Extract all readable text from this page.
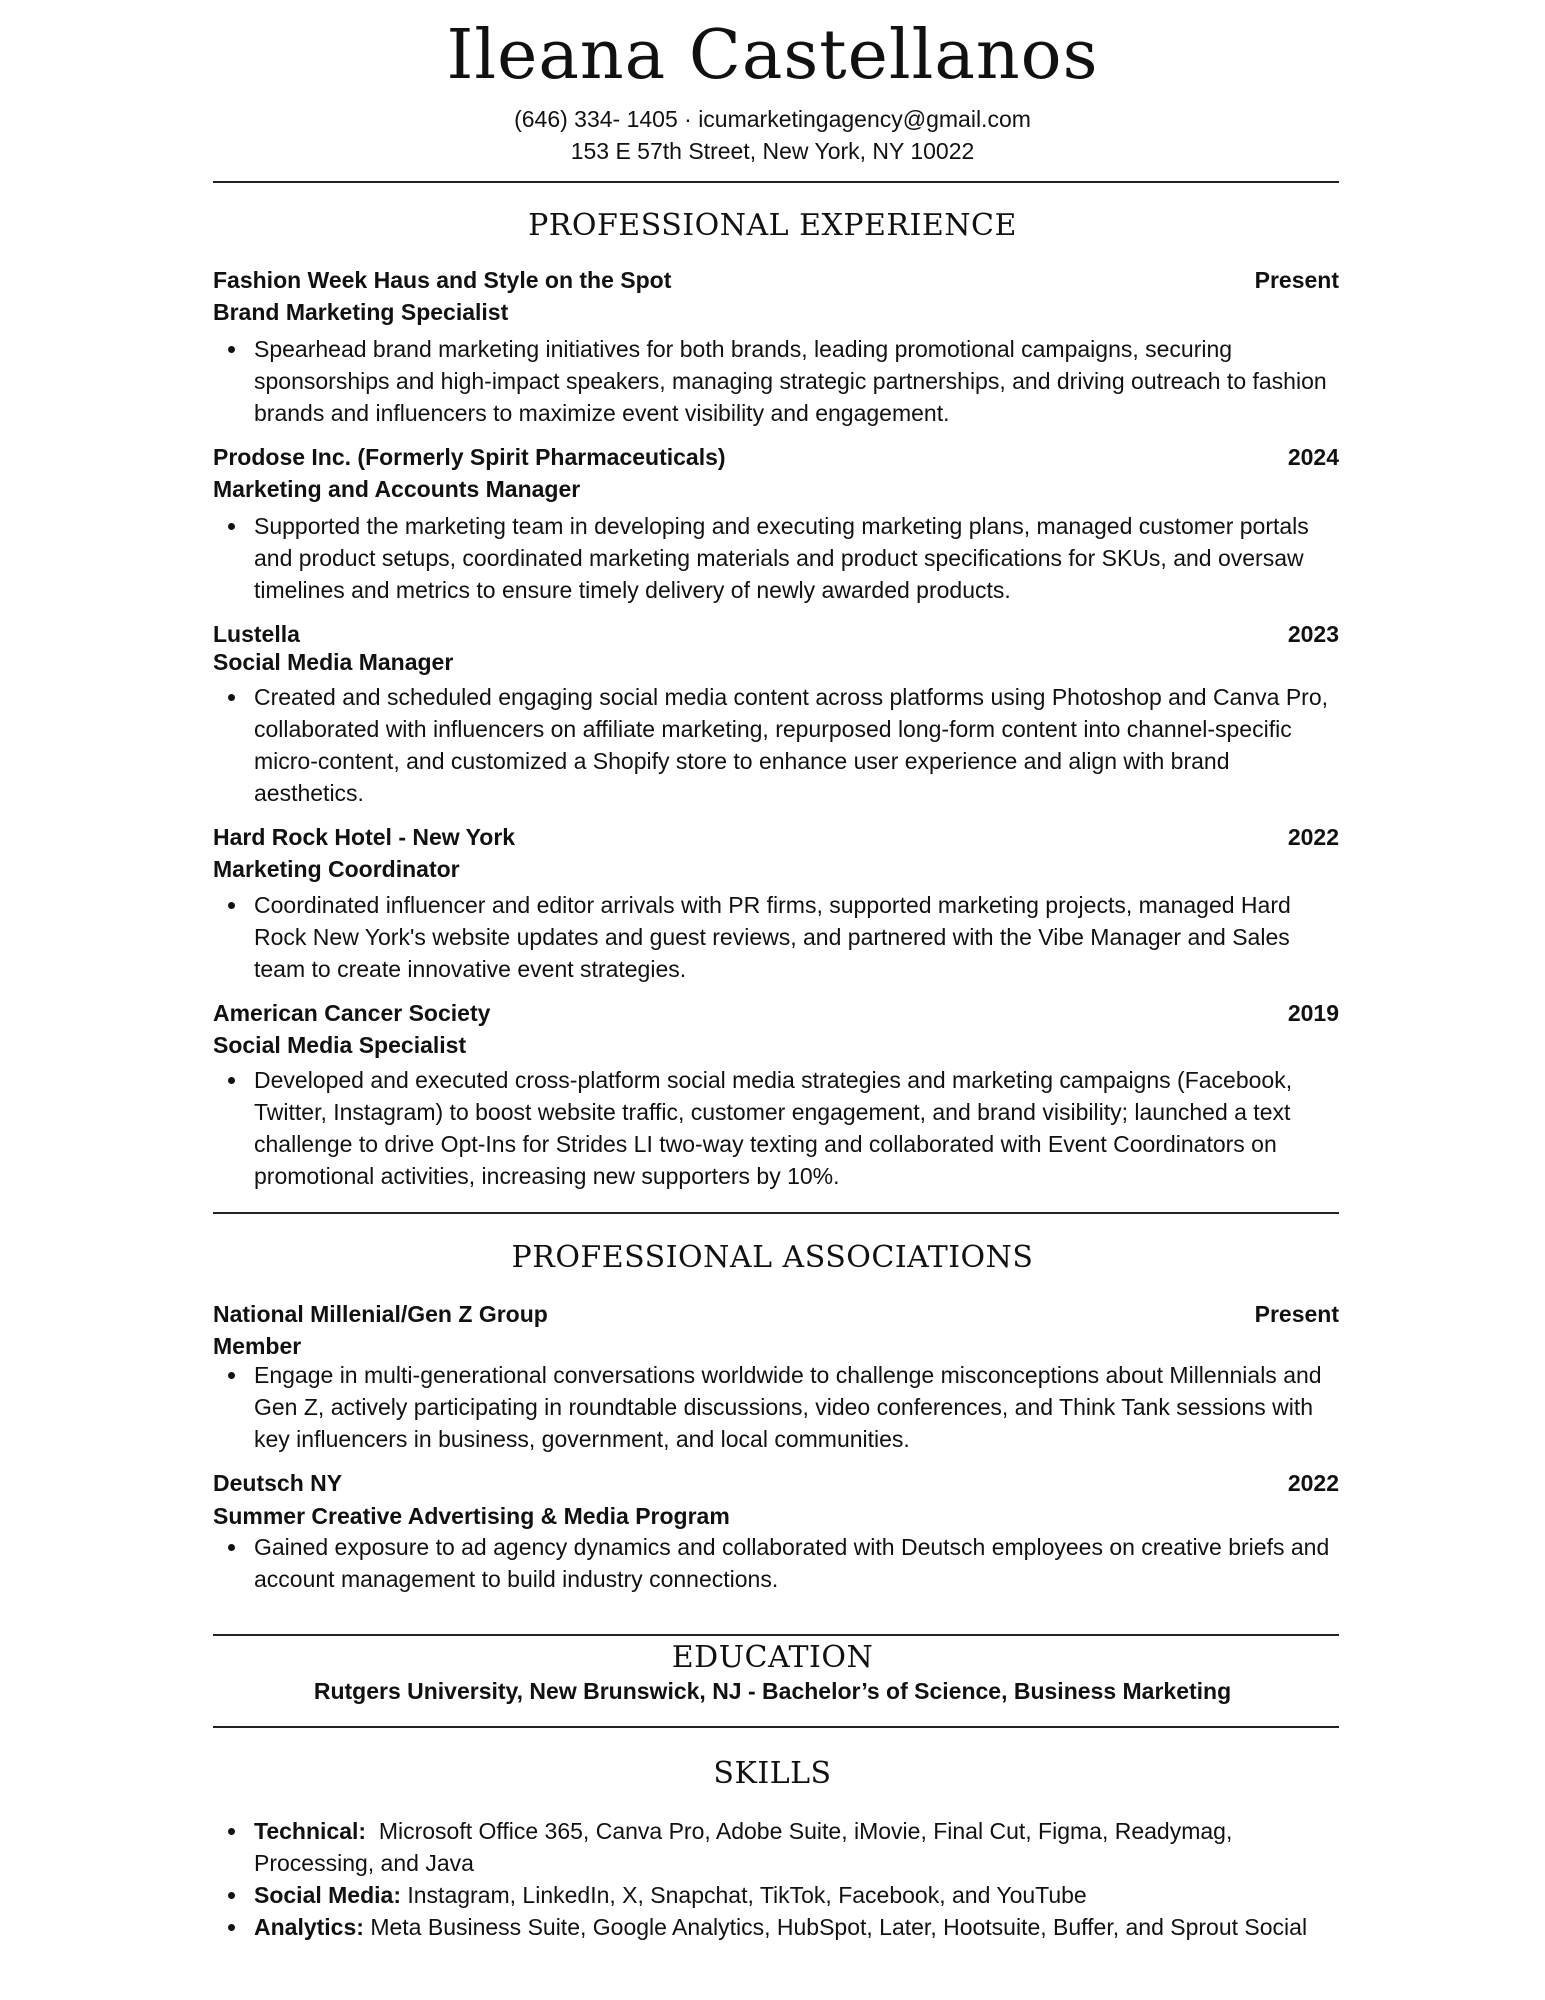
Ileana Castellanos
(646) 334- 1405 · icumarketingagency@gmail.com
153 E 57th Street, New York, NY 10022
PROFESSIONAL EXPERIENCE
Fashion Week Haus and Style on the Spot	Present
Brand Marketing Specialist
Spearhead brand marketing initiatives for both brands, leading promotional campaigns, securing sponsorships and high-impact speakers, managing strategic partnerships, and driving outreach to fashion brands and influencers to maximize event visibility and engagement.
Prodose Inc. (Formerly Spirit Pharmaceuticals)	2024
Marketing and Accounts Manager
Supported the marketing team in developing and executing marketing plans, managed customer portals and product setups, coordinated marketing materials and product specifications for SKUs, and oversaw timelines and metrics to ensure timely delivery of newly awarded products.
Lustella	2023
Social Media Manager
Created and scheduled engaging social media content across platforms using Photoshop and Canva Pro, collaborated with influencers on affiliate marketing, repurposed long-form content into channel-specific micro-content, and customized a Shopify store to enhance user experience and align with brand aesthetics.
Hard Rock Hotel - New York	2022
Marketing Coordinator
Coordinated influencer and editor arrivals with PR firms, supported marketing projects, managed Hard Rock New York's website updates and guest reviews, and partnered with the Vibe Manager and Sales team to create innovative event strategies.
American Cancer Society	2019
Social Media Specialist
Developed and executed cross-platform social media strategies and marketing campaigns (Facebook, Twitter, Instagram) to boost website traffic, customer engagement, and brand visibility; launched a text challenge to drive Opt-Ins for Strides LI two-way texting and collaborated with Event Coordinators on promotional activities, increasing new supporters by 10%.
PROFESSIONAL ASSOCIATIONS
National Millenial/Gen Z Group	Present
Member
Engage in multi-generational conversations worldwide to challenge misconceptions about Millennials and Gen Z, actively participating in roundtable discussions, video conferences, and Think Tank sessions with key influencers in business, government, and local communities.
Deutsch NY	2022
Summer Creative Advertising & Media Program
Gained exposure to ad agency dynamics and collaborated with Deutsch employees on creative briefs and account management to build industry connections.
EDUCATION
Rutgers University, New Brunswick, NJ - Bachelor’s of Science, Business Marketing
SKILLS
Technical: Microsoft Office 365, Canva Pro, Adobe Suite, iMovie, Final Cut, Figma, Readymag, Processing, and Java
Social Media: Instagram, LinkedIn, X, Snapchat, TikTok, Facebook, and YouTube
Analytics: Meta Business Suite, Google Analytics, HubSpot, Later, Hootsuite, Buffer, and Sprout Social
